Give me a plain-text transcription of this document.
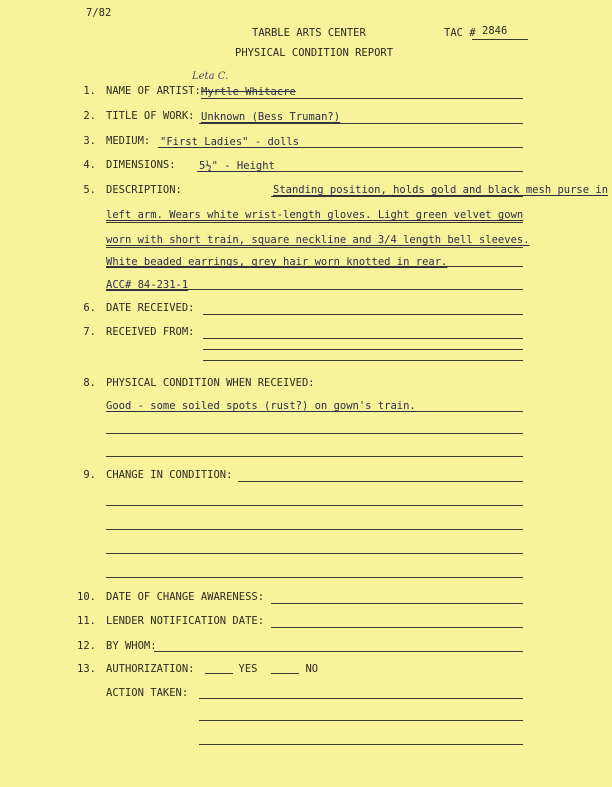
7/82
TARBLE ARTS CENTER	TAC # 2846
PHYSICAL CONDITION REPORT
Leta C.
1. NAME OF ARTIST: Myrtle Whitacre
2. TITLE OF WORK: Unknown (Bess Truman?)
3. MEDIUM: "First Ladies" - dolls
4. DIMENSIONS: 5½" - Height
5. DESCRIPTION:	Standing position, holds gold and black mesh purse in
left arm. Wears white wrist-length gloves. Light green velvet gown
worn with short train, square neckline and 3/4 length bell sleeves.
White beaded earrings, grey hair worn knotted in rear.
ACC# 84-231-1
6. DATE RECEIVED:
7. RECEIVED FROM:
8. PHYSICAL CONDITION WHEN RECEIVED:
Good - some soiled spots (rust?) on gown's train.
9. CHANGE IN CONDITION:
10. DATE OF CHANGE AWARENESS:
11. LENDER NOTIFICATION DATE:
12. BY WHOM:
13. AUTHORIZATION:	YES	NO
ACTION TAKEN:
